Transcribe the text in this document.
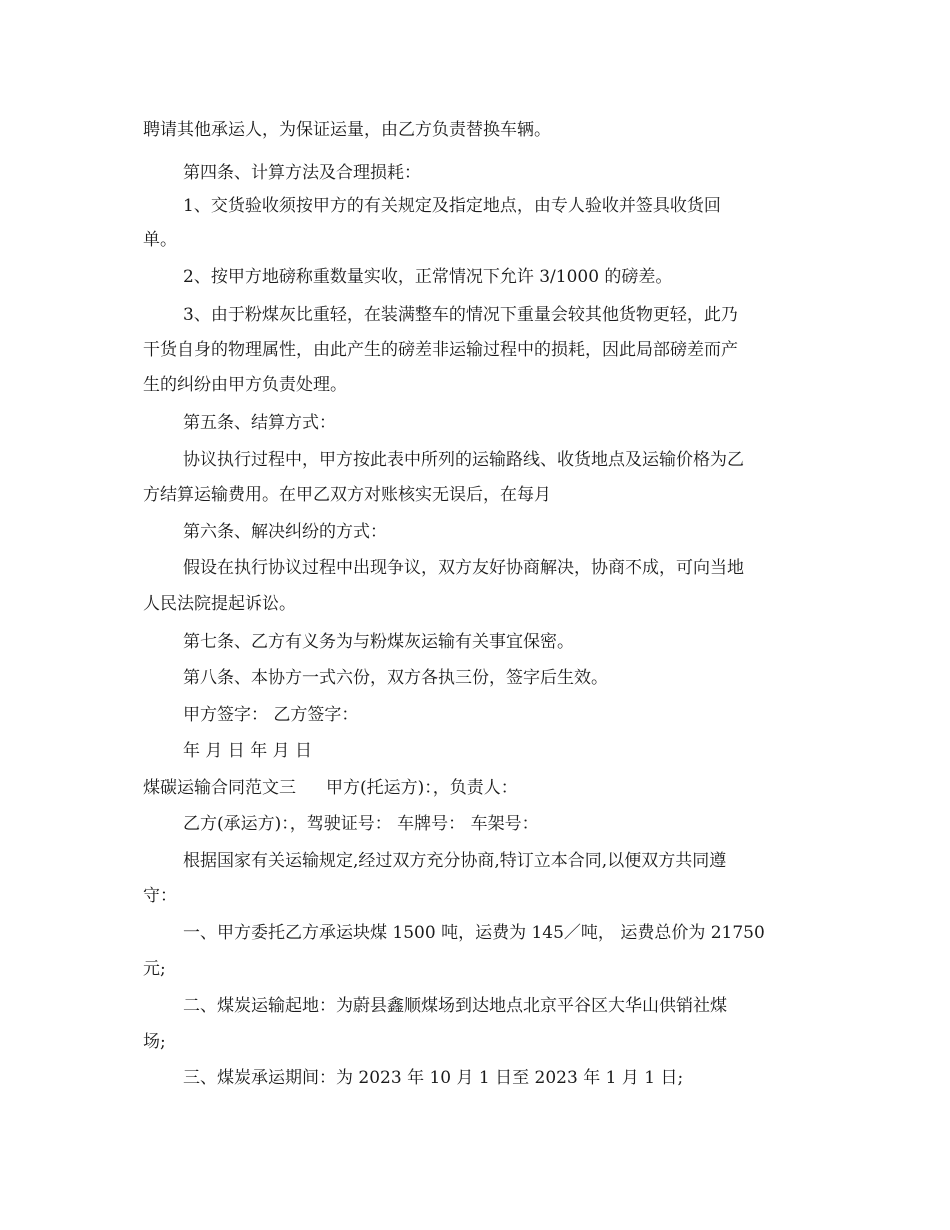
聘请其他承运人，为保证运量，由乙方负责替换车辆。
第四条、计算方法及合理损耗：
1、交货验收须按甲方的有关规定及指定地点，由专人验收并签具收货回
单。
2、按甲方地磅称重数量实收，正常情况下允许 3/1000 的磅差。
3、由于粉煤灰比重轻，在装满整车的情况下重量会较其他货物更轻，此乃
干货自身的物理属性，由此产生的磅差非运输过程中的损耗，因此局部磅差而产
生的纠纷由甲方负责处理。
第五条、结算方式：
协议执行过程中，甲方按此表中所列的运输路线、收货地点及运输价格为乙
方结算运输费用。在甲乙双方对账核实无误后，在每月
第六条、解决纠纷的方式：
假设在执行协议过程中出现争议，双方友好协商解决，协商不成，可向当地
人民法院提起诉讼。
第七条、乙方有义务为与粉煤灰运输有关事宜保密。
第八条、本协方一式六份，双方各执三份，签字后生效。
甲方签字： 乙方签字：
年 月 日 年 月 日
煤碳运输合同范文三 甲方(托运方)：，负责人：
乙方(承运方)：，驾驶证号： 车牌号： 车架号：
根据国家有关运输规定,经过双方充分协商,特订立本合同,以便双方共同遵
守：
一、甲方委托乙方承运块煤 1500 吨，运费为 145／吨， 运费总价为 21750
元;
二、煤炭运输起地：为蔚县鑫顺煤场到达地点北京平谷区大华山供销社煤
场;
三、煤炭承运期间：为 2023 年 10 月 1 日至 2023 年 1 月 1 日;
